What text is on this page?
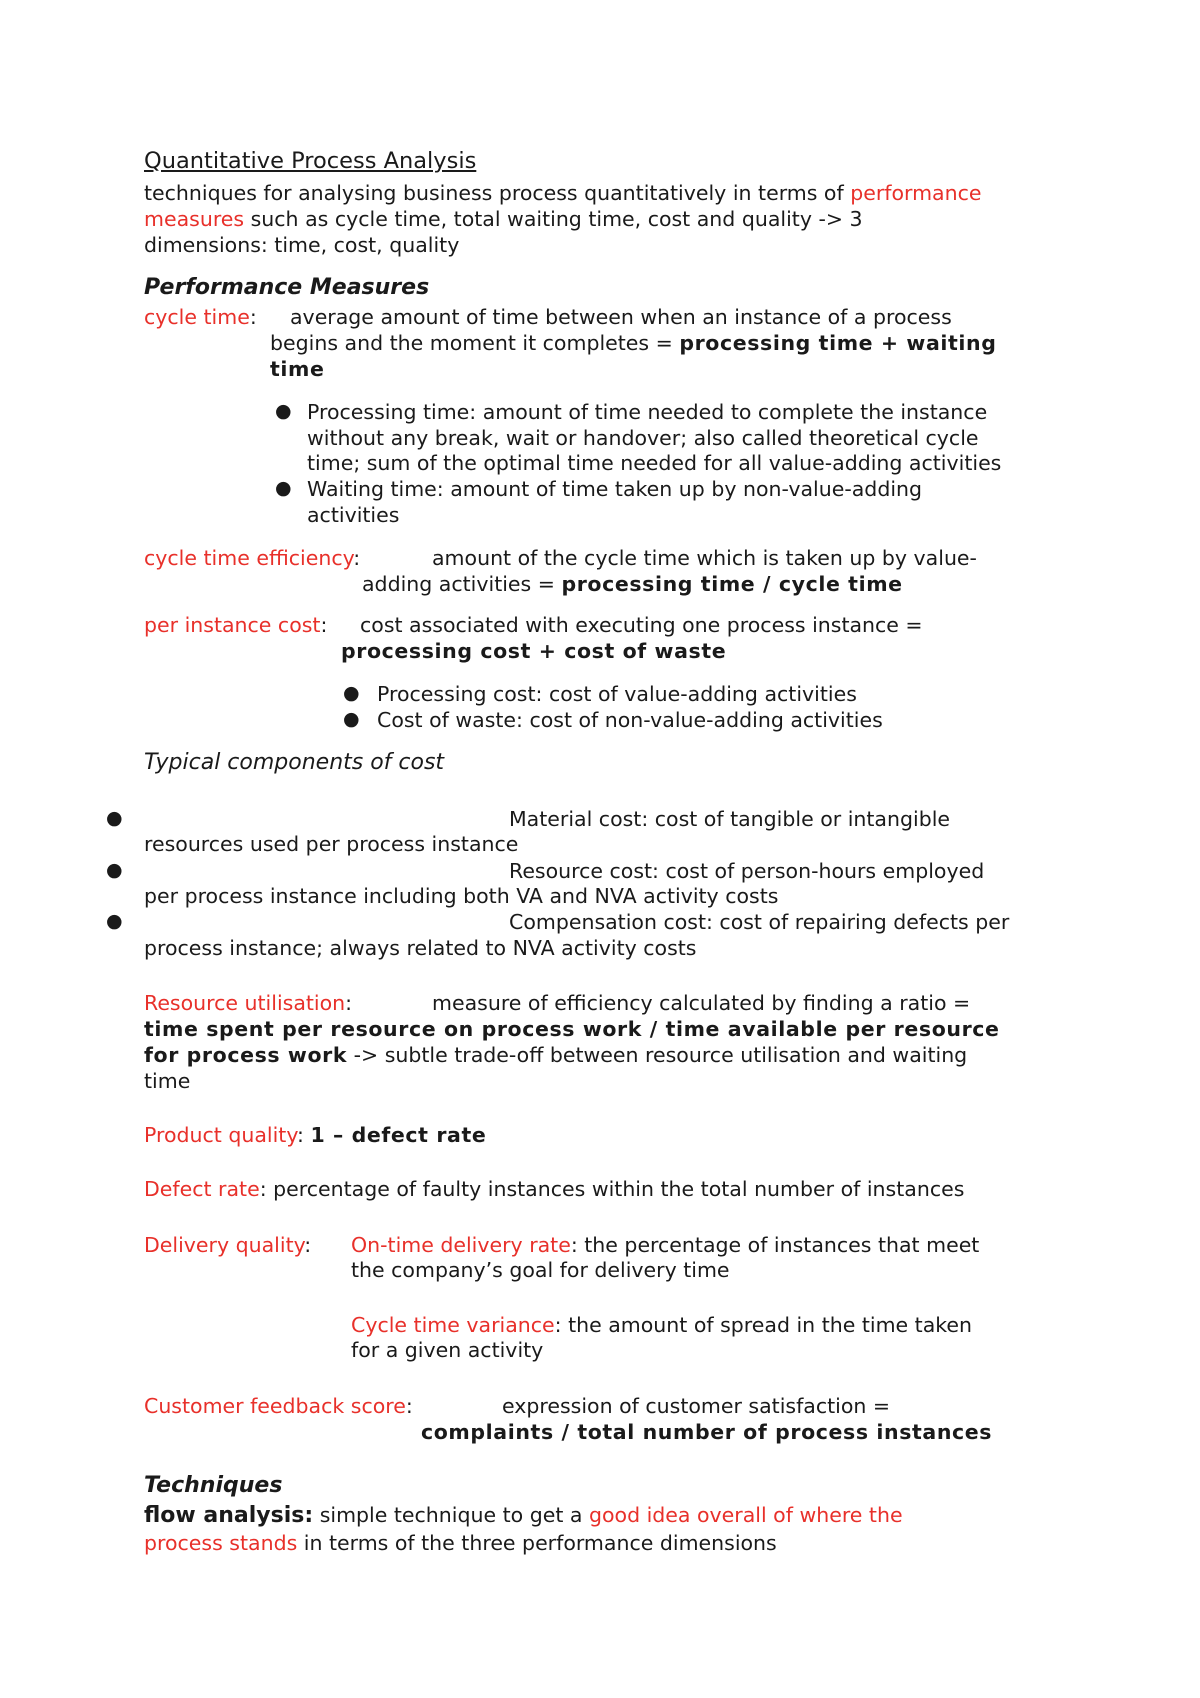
Quantitative Process Analysis
techniques for analysing business process quantitatively in terms of performance
measures such as cycle time, total waiting time, cost and quality -> 3
dimensions: time, cost, quality
Performance Measures
cycle time: average amount of time between when an instance of a process
begins and the moment it completes = processing time + waiting
time
● Processing time: amount of time needed to complete the instance
without any break, wait or handover; also called theoretical cycle
time; sum of the optimal time needed for all value-adding activities
● Waiting time: amount of time taken up by non-value-adding
activities
cycle time efficiency:	amount of the cycle time which is taken up by value-
adding activities = processing time / cycle time
per instance cost: cost associated with executing one process instance =
processing cost + cost of waste
● Processing cost: cost of value-adding activities
● Cost of waste: cost of non-value-adding activities
Typical components of cost
●	Material cost: cost of tangible or intangible
resources used per process instance
●	Resource cost: cost of person-hours employed
per process instance including both VA and NVA activity costs
●	Compensation cost: cost of repairing defects per
process instance; always related to NVA activity costs
Resource utilisation:	measure of efficiency calculated by finding a ratio =
time spent per resource on process work / time available per resource
for process work -> subtle trade-off between resource utilisation and waiting
time
Product quality: 1 – defect rate
Defect rate: percentage of faulty instances within the total number of instances
Delivery quality: On-time delivery rate: the percentage of instances that meet
the company’s goal for delivery time
Cycle time variance: the amount of spread in the time taken
for a given activity
Customer feedback score:	expression of customer satisfaction =
complaints / total number of process instances
Techniques
flow analysis: simple technique to get a good idea overall of where the
process stands in terms of the three performance dimensions
